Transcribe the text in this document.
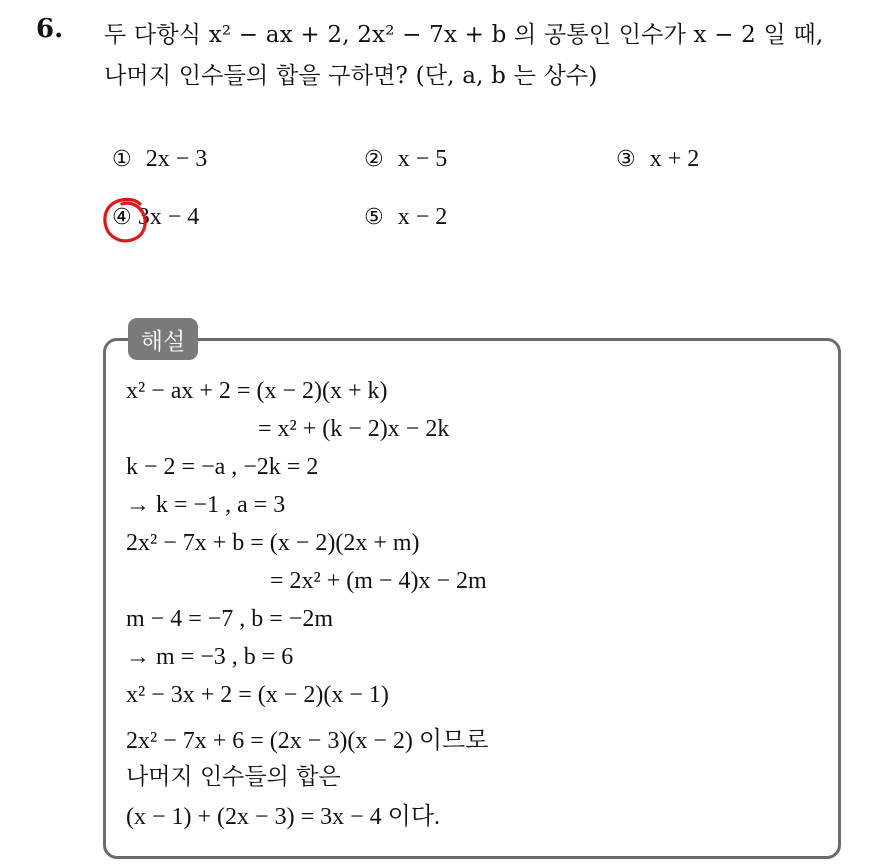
6. 두 다항식 x² − ax + 2, 2x² − 7x + b 의 공통인 인수가 x − 2 일 때,
나머지 인수들의 합을 구하면? (단, a, b 는 상수)
① 2x − 3	② x − 5	③ x + 2
④ 3x − 4	⑤ x − 2
해설
x² − ax + 2 = (x − 2)(x + k)
= x² + (k − 2)x − 2k
k − 2 = −a , −2k = 2
→ k = −1 , a = 3
2x² − 7x + b = (x − 2)(2x + m)
= 2x² + (m − 4)x − 2m
m − 4 = −7 , b = −2m
→ m = −3 , b = 6
x² − 3x + 2 = (x − 2)(x − 1)
2x² − 7x + 6 = (2x − 3)(x − 2) 이므로
나머지 인수들의 합은
(x − 1) + (2x − 3) = 3x − 4 이다.
